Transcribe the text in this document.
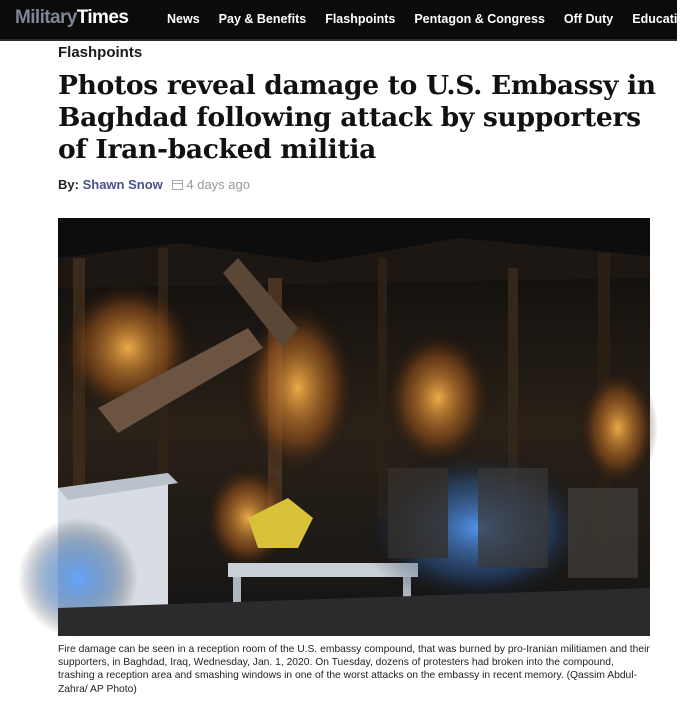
MilitaryTimes	News Pay & Benefits Flashpoints Pentagon & Congress Off Duty Education
Flashpoints
Photos reveal damage to U.S. Embassy in Baghdad following attack by supporters of Iran-backed militia
By: Shawn Snow 4 days ago

Fire damage can be seen in a reception room of the U.S. embassy compound, that was burned by pro-Iranian militiamen and their supporters, in Baghdad, Iraq, Wednesday, Jan. 1, 2020. On Tuesday, dozens of protesters had broken into the compound, trashing a reception area and smashing windows in one of the worst attacks on the embassy in recent memory. (Qassim Abdul-Zahra/ AP Photo)
